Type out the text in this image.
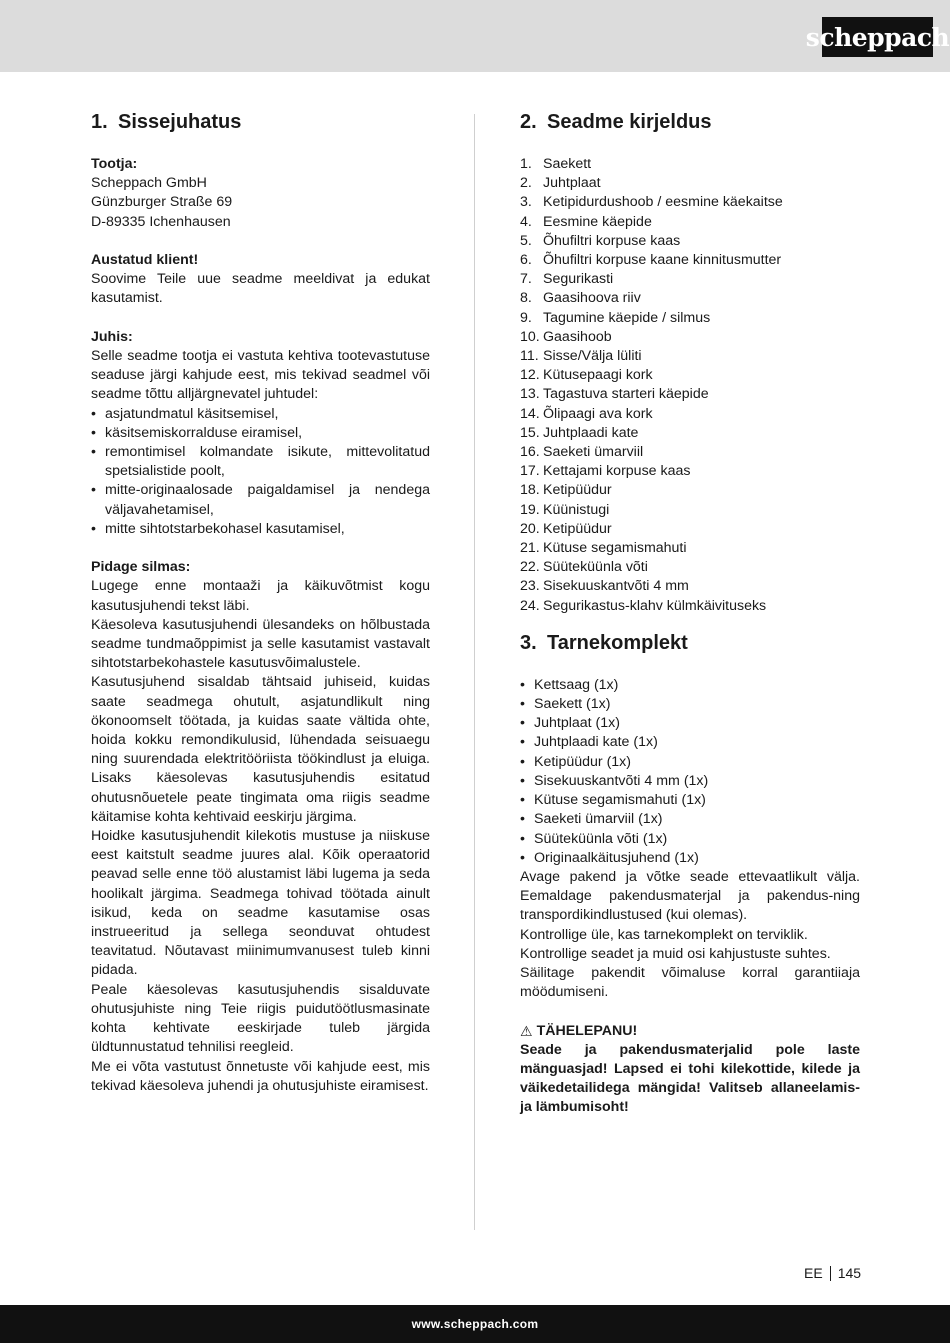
scheppach
1. Sissejuhatus
Tootja:
Scheppach GmbH
Günzburger Straße 69
D-89335 Ichenhausen
Austatud klient!

Soovime Teile uue seadme meeldivat ja edukat kasutamist.

Juhis:

Selle seadme tootja ei vastuta kehtiva tootevastutuse seaduse järgi kahjude eest, mis tekivad seadmel või seadme tõttu alljärgnevatel juhtudel:

• asjatundmatul käsitsemisel,
• käsitsemiskorralduse eiramisel,
• remontimisel kolmandate isikute, mittevolitatud spetsialistide poolt,
• mitte-originaalosade paigaldamisel ja nendega väljavahetamisel,
• mitte sihtotstarbekohasel kasutamisel,
Pidage silmas:

Lugege enne montaaži ja käikuvõtmist kogu kasutusjuhendi tekst läbi.

Käesoleva kasutusjuhendi ülesandeks on hõlbustada seadme tundmaõppimist ja selle kasutamist vastavalt sihtotstarbekohastele kasutusvõimalustele.

Kasutusjuhend sisaldab tähtsaid juhiseid, kuidas saate seadmega ohutult, asjatundlikult ning ökonoomselt töötada, ja kuidas saate vältida ohte, hoida kokku remondikulusid, lühendada seisuaegu ning suurendada elektritööriista töökindlust ja eluiga. Lisaks käesolevas kasutusjuhendis esitatud ohutusnõuetele peate tingimata oma riigis seadme käitamise kohta kehtivaid eeskirju järgima.

Hoidke kasutusjuhendit kilekotis mustuse ja niiskuse eest kaitstult seadme juures alal. Kõik operaatorid peavad selle enne töö alustamist läbi lugema ja seda hoolikalt järgima. Seadmega tohivad töötada ainult isikud, keda on seadme kasutamise osas instrueeritud ja sellega seonduvat ohtudest teavitatud. Nõutavast miinimumvanusest tuleb kinni pidada.

Peale käesolevas kasutusjuhendis sisalduvate ohutusjuhiste ning Teie riigis puidutöötlusmasinate kohta kehtivate eeskirjade tuleb järgida üldtunnustatud tehnilisi reegleid.

Me ei võta vastutust õnnetuste või kahjude eest, mis tekivad käesoleva juhendi ja ohutusjuhiste eiramisest.

2. Seadme kirjeldus
1. Saekett
2. Juhtplaat
3. Ketipidurdushoob / eesmine käekaitse
4. Eesmine käepide
5. Õhufiltri korpuse kaas
6. Õhufiltri korpuse kaane kinnitusmutter
7. Segurikasti
8. Gaasihoova riiv
9. Tagumine käepide / silmus
10. Gaasihoob
11. Sisse/Välja lüliti
12. Kütusepaagi kork
13. Tagastuva starteri käepide
14. Õlipaagi ava kork
15. Juhtplaadi kate
16. Saeketi ümarviil
17. Kettajami korpuse kaas
18. Ketipüüdur
19. Küünistugi
20. Ketipüüdur
21. Kütuse segamismahuti
22. Süüteküünla võti
23. Sisekuuskantvõti 4 mm
24. Segurikastus-klahv külmkäivituseks
3. Tarnekomplekt
• Kettsaag (1x)
• Saekett (1x)
• Juhtplaat (1x)
• Juhtplaadi kate (1x)
• Ketipüüdur (1x)
• Sisekuuskantvõti 4 mm (1x)
• Kütuse segamismahuti (1x)
• Saeketi ümarviil (1x)
• Süüteküünla võti (1x)
• Originaalkäitusjuhend (1x)

Avage pakend ja võtke seade ettevaatlikult välja. Eemaldage pakendusmaterjal ja pakendus-ning transpordikindlustused (kui olemas).

Kontrollige üle, kas tarnekomplekt on terviklik.

Kontrollige seadet ja muid osi kahjustuste suhtes.

Säilitage pakendit võimaluse korral garantiiaja möödumiseni.

⚠ TÄHELEPANU!

Seade ja pakendusmaterjalid pole laste mänguasjad! Lapsed ei tohi kilekottide, kilede ja väikedetailidega mängida! Valitseb allaneelamis- ja lämbumisoht!

EE 145
www.scheppach.com
